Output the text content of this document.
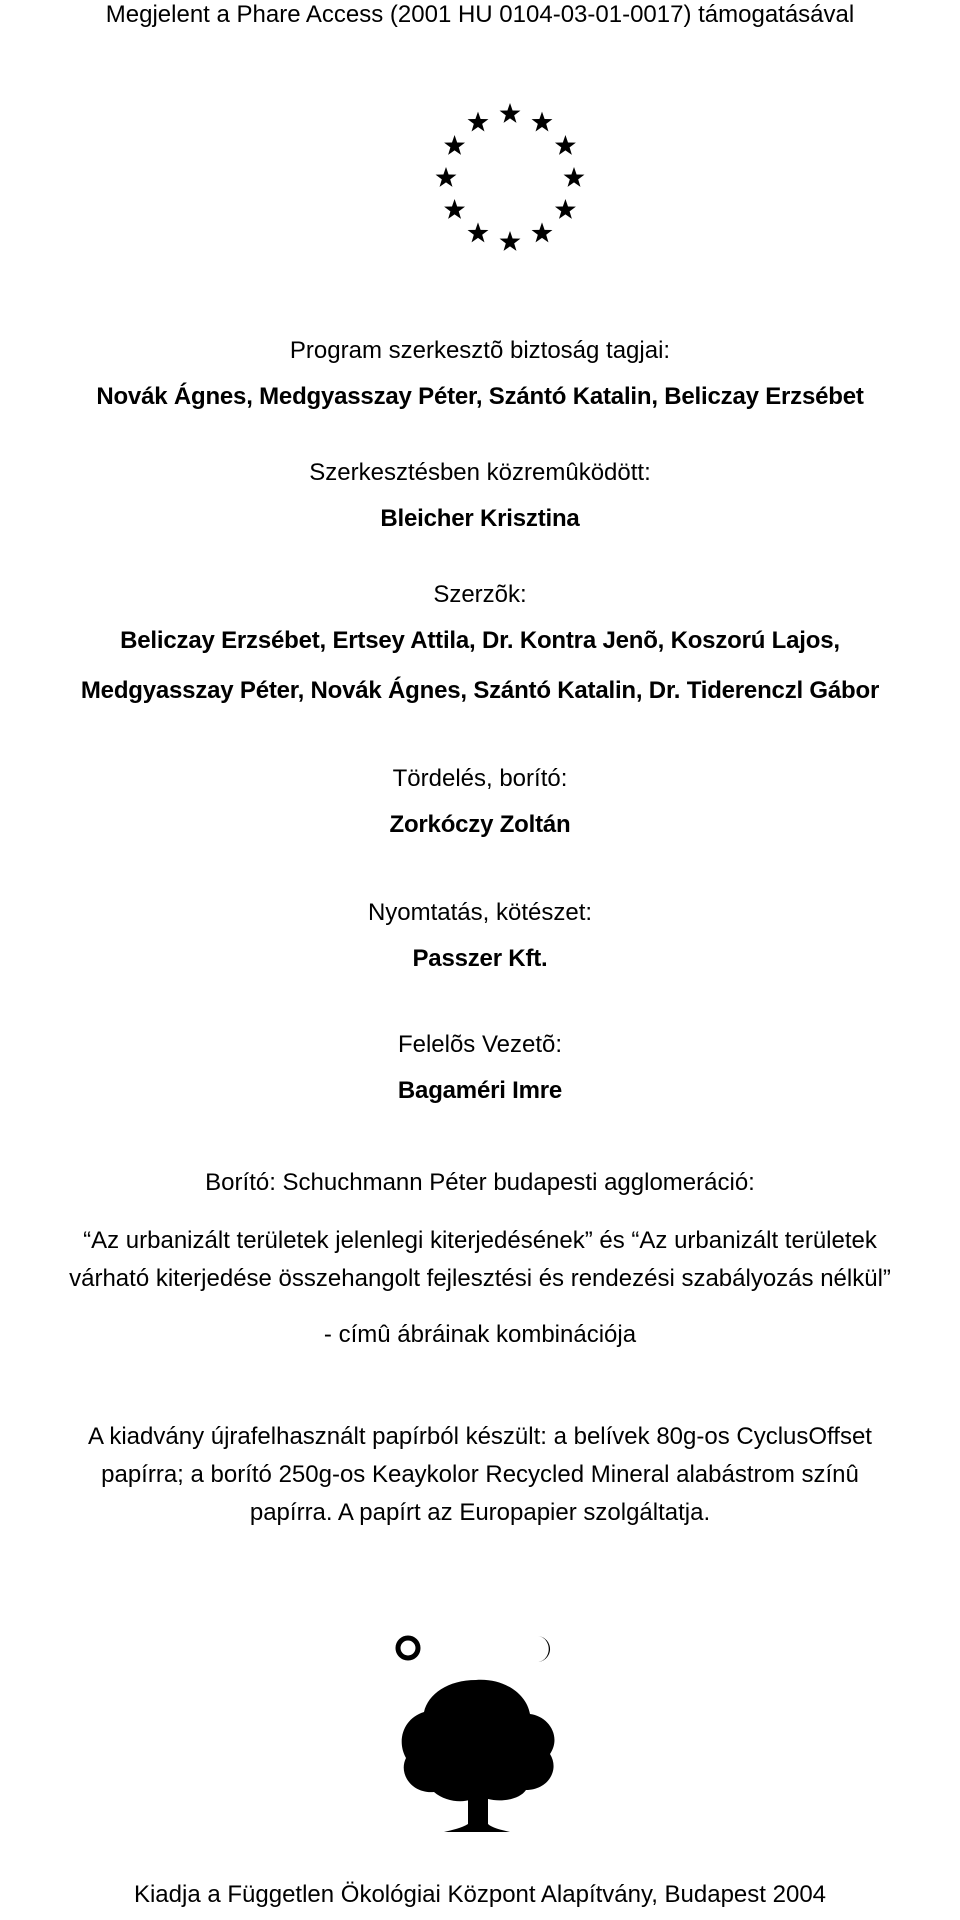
Megjelent a Phare Access (2001 HU 0104-03-01-0017) támogatásával
Program szerkesztõ biztoság tagjai:
Novák Ágnes, Medgyasszay Péter, Szántó Katalin, Beliczay Erzsébet
Szerkesztésben közremûködött:
Bleicher Krisztina
Szerzõk:
Beliczay Erzsébet, Ertsey Attila, Dr. Kontra Jenõ, Koszorú Lajos,
Medgyasszay Péter, Novák Ágnes, Szántó Katalin, Dr. Tiderenczl Gábor
Tördelés, borító:
Zorkóczy Zoltán
Nyomtatás, kötészet:
Passzer Kft.
Felelõs Vezetõ:
Bagaméri Imre
Borító: Schuchmann Péter budapesti agglomeráció:
“Az urbanizált területek jelenlegi kiterjedésének” és “Az urbanizált területek
várható kiterjedése összehangolt fejlesztési és rendezési szabályozás nélkül”
- címû ábráinak kombinációja
A kiadvány újrafelhasznált papírból készült: a belívek 80g-os CyclusOffset
papírra; a borító 250g-os Keaykolor Recycled Mineral alabástrom színû
papírra. A papírt az Europapier szolgáltatja.
Kiadja a Független Ökológiai Központ Alapítvány, Budapest 2004
